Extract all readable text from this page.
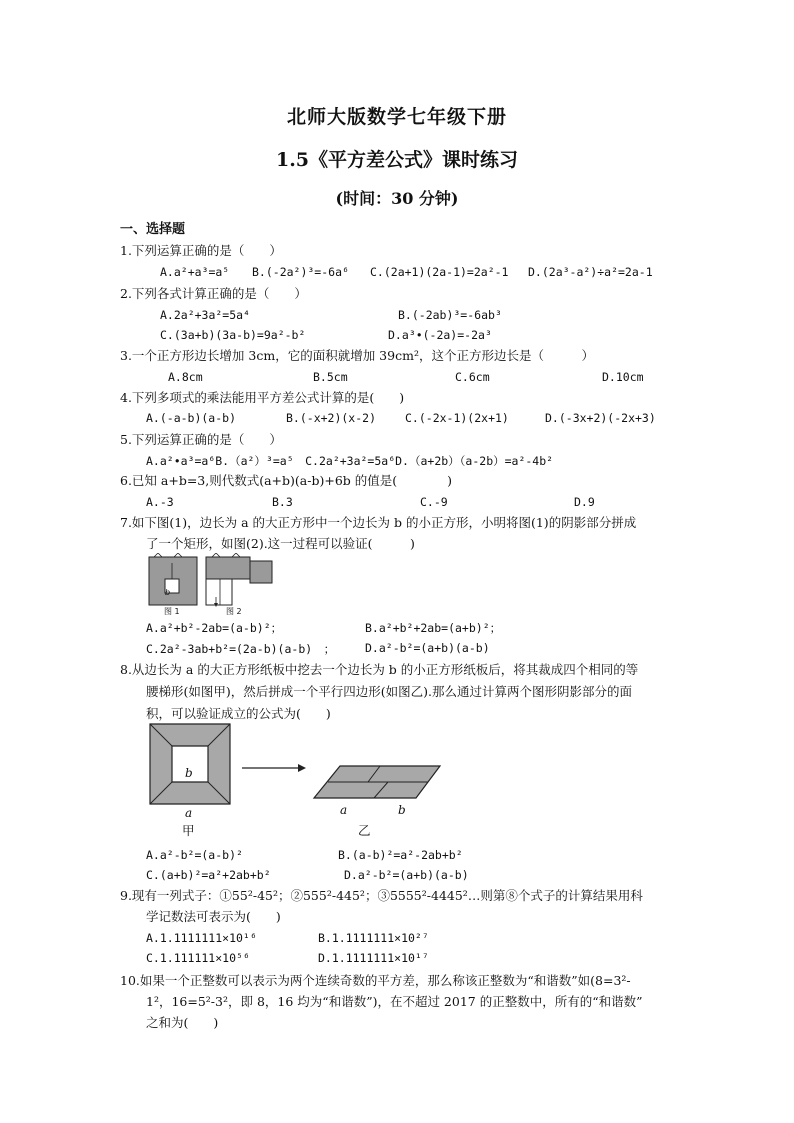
北师大版数学七年级下册
1.5《平方差公式》课时练习
(时间：30 分钟)
一、选择题
1.下列运算正确的是（　　）
A.a²+a³=a⁵ B.(-2a²)³=-6a⁶ C.(2a+1)(2a-1)=2a²-1 D.(2a³-a²)÷a²=2a-1
2.下列各式计算正确的是（　　）
A.2a²+3a²=5a⁴	B.(-2ab)³=-6ab³
C.(3a+b)(3a-b)=9a²-b²	D.a³•(-2a)=-2a³
3.一个正方形边长增加 3cm，它的面积就增加 39cm²，这个正方形边长是（　　　）
A.8cm	B.5cm	C.6cm	D.10cm
4.下列多项式的乘法能用平方差公式计算的是(　　)
A.(-a-b)(a-b)	B.(-x+2)(x-2)	C.(-2x-1)(2x+1)	D.(-3x+2)(-2x+3)
5.下列运算正确的是（　　）
A.a²•a³=a⁶B.（a²）³=a⁵　C.2a²+3a²=5a⁶D.（a+2b）（a-2b）=a²-4b²
6.已知 a+b=3,则代数式(a+b)(a-b)+6b 的值是(　　　　)
A.-3	B.3	C.-9	D.9
7.如下图(1)，边长为 a 的大正方形中一个边长为 b 的小正方形，小明将图(1)的阴影部分拼成
了一个矩形，如图(2).这一过程可以验证(　　　)
b
图 1	图 2
A.a²+b²-2ab=(a-b)²；	B.a²+b²+2ab=(a+b)²；
C.2a²-3ab+b²=(2a-b)(a-b)　；	D.a²-b²=(a+b)(a-b)
8.从边长为 a 的大正方形纸板中挖去一个边长为 b 的小正方形纸板后，将其裁成四个相同的等
腰梯形(如图甲)，然后拼成一个平行四边形(如图乙).那么通过计算两个图形阴影部分的面
积，可以验证成立的公式为(　　)
b
a
甲
a	b
乙
A.a²-b²=(a-b)²	B.(a-b)²=a²-2ab+b²
C.(a+b)²=a²+2ab+b²	D.a²-b²=(a+b)(a-b)
9.现有一列式子：①55²-45²；②555²-445²；③5555²-4445²…则第⑧个式子的计算结果用科
学记数法可表示为(　　)
A.1.1111111×10¹⁶	B.1.1111111×10²⁷
C.1.111111×10⁵⁶	D.1.1111111×10¹⁷
10.如果一个正整数可以表示为两个连续奇数的平方差，那么称该正整数为“和谐数”如(8=3²-
1²，16=5²-3²，即 8，16 均为“和谐数”)，在不超过 2017 的正整数中，所有的“和谐数”
之和为(　　)
